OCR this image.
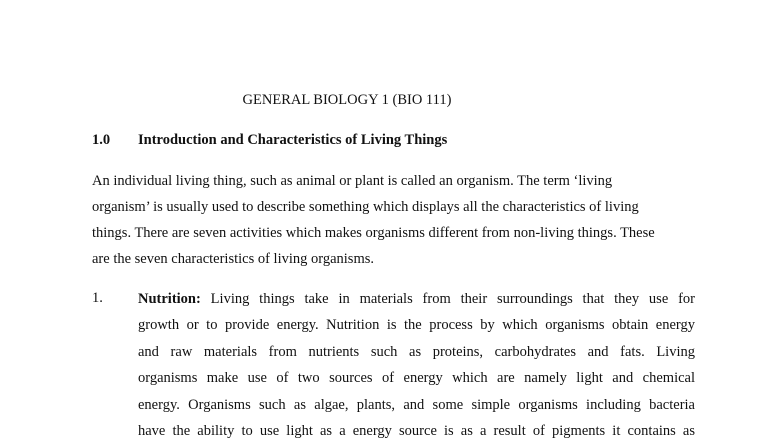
GENERAL BIOLOGY 1 (BIO 111)
1.0 Introduction and Characteristics of Living Things
An individual living thing, such as animal or plant is called an organism. The term ‘living
organism’ is usually used to describe something which displays all the characteristics of living
things. There are seven activities which makes organisms different from non-living things. These
are the seven characteristics of living organisms.
1. Nutrition: Living things take in materials from their surroundings that they use for
growth or to provide energy. Nutrition is the process by which organisms obtain energy
and raw materials from nutrients such as proteins, carbohydrates and fats. Living
organisms make use of two sources of energy which are namely light and chemical
energy. Organisms such as algae, plants, and some simple organisms including bacteria
have the ability to use light as a energy source is as a result of pigments it contains as
